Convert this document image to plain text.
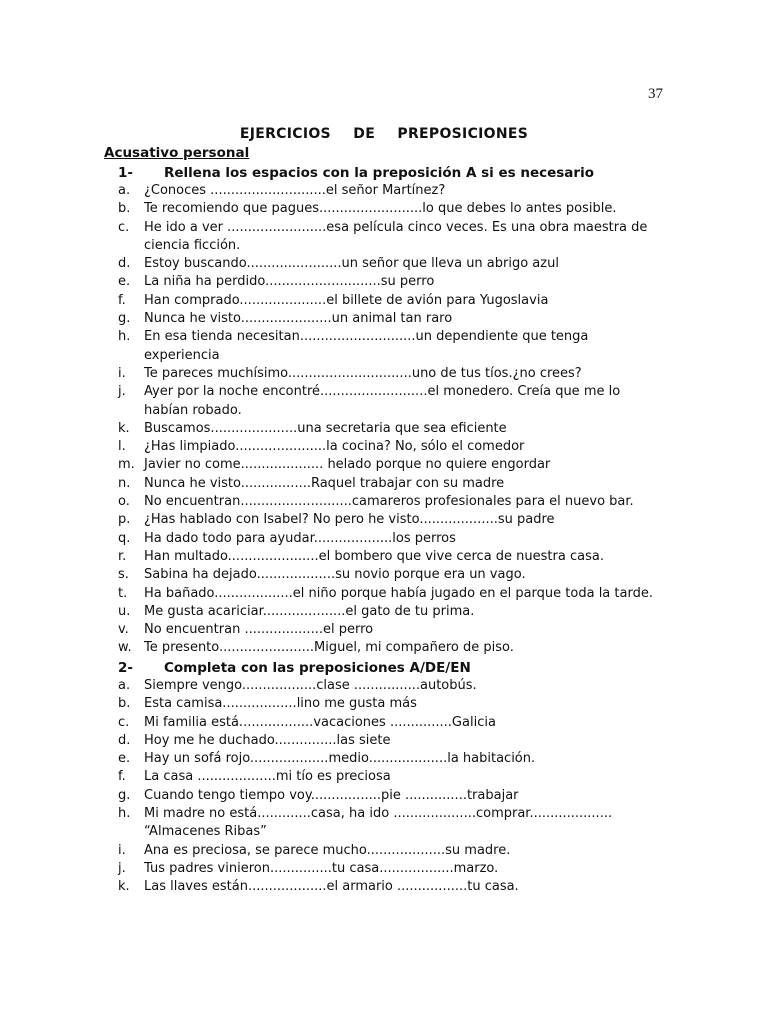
37
EJERCICIOS  DE  PREPOSICIONES
Acusativo personal
1- Rellena los espacios con la preposición A si es necesario
a.	¿Conoces ............................el señor Martínez?
b.	Te recomiendo que pagues.........................lo que debes lo antes posible.
c.	He ido a ver ........................esa película cinco veces. Es una obra maestra de ciencia ficción.
d.	Estoy buscando.......................un señor que lleva un abrigo azul
e.	La niña ha perdido............................su perro
f.	Han comprado.....................el billete de avión para Yugoslavia
g.	Nunca he visto......................un animal tan raro
h.	En esa tienda necesitan............................un dependiente que tenga experiencia
i.	Te pareces muchísimo..............................uno de tus tíos.¿no crees?
j.	Ayer por la noche encontré..........................el monedero. Creía que me lo habían robado.
k.	Buscamos.....................una secretaria que sea eficiente
l.	¿Has limpiado......................la cocina? No, sólo el comedor
m. Javier no come.................... helado porque no quiere engordar
n.	Nunca he visto.................Raquel trabajar con su madre
o.	No encuentran...........................camareros profesionales para el nuevo bar.
p.	¿Has hablado con Isabel? No pero he visto...................su padre
q.	Ha dado todo para ayudar...................los perros
r.	Han multado......................el bombero que vive cerca de nuestra casa.
s.	Sabina ha dejado...................su novio porque era un vago.
t.	Ha bañado...................el niño porque había jugado en el parque toda la tarde.
u.	Me gusta acariciar....................el gato de tu prima.
v.	No encuentran ...................el perro
w. Te presento.......................Miguel, mi compañero de piso.
2- Completa con las preposiciones A/DE/EN
a.	Siempre vengo..................clase ................autobús.
b.	Esta camisa..................lino me gusta más
c.	Mi familia está..................vacaciones ...............Galicia
d.	Hoy me he duchado...............las siete
e.	Hay un sofá rojo...................medio...................la habitación.
f.	La casa ...................mi tío es preciosa
g.	Cuando tengo tiempo voy.................pie ...............trabajar
h.	Mi madre no está.............casa, ha ido ....................comprar.................... “Almacenes Ribas”
i.	Ana es preciosa, se parece mucho...................su madre.
j.	Tus padres vinieron...............tu casa..................marzo.
k.	Las llaves están...................el armario .................tu casa.
